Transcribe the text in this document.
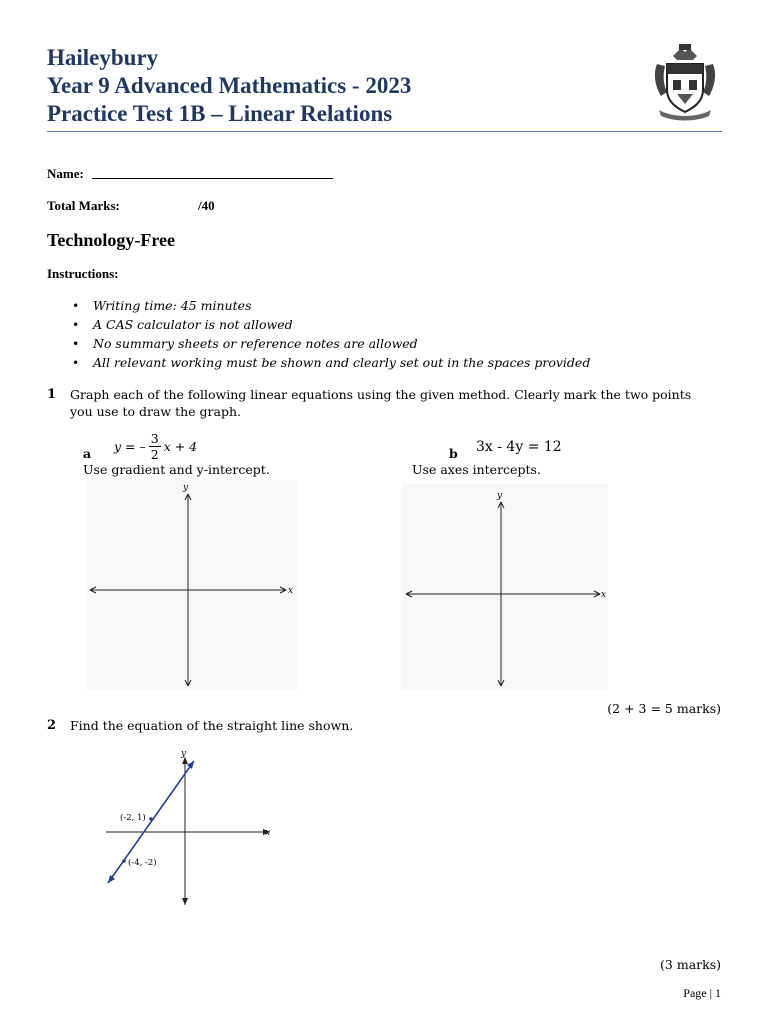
Haileybury
Year 9 Advanced Mathematics - 2023
Practice Test 1B – Linear Relations
Name:
Total Marks:	/40
Technology-Free
Instructions:
• Writing time: 45 minutes
• A CAS calculator is not allowed
• No summary sheets or reference notes are allowed
• All relevant working must be shown and clearly set out in the spaces provided
1 Graph each of the following linear equations using the given method. Clearly mark the two points
you use to draw the graph.
a y = – $\frac{3}{2}$ x + 4
Use gradient and y-intercept.
b 3x - 4y = 12
Use axes intercepts.
x
y
x
y
(2 + 3 = 5 marks)
2 Find the equation of the straight line shown.
(-2, 1)
(-4, -2)
x
y
(3 marks)
Page | 1
